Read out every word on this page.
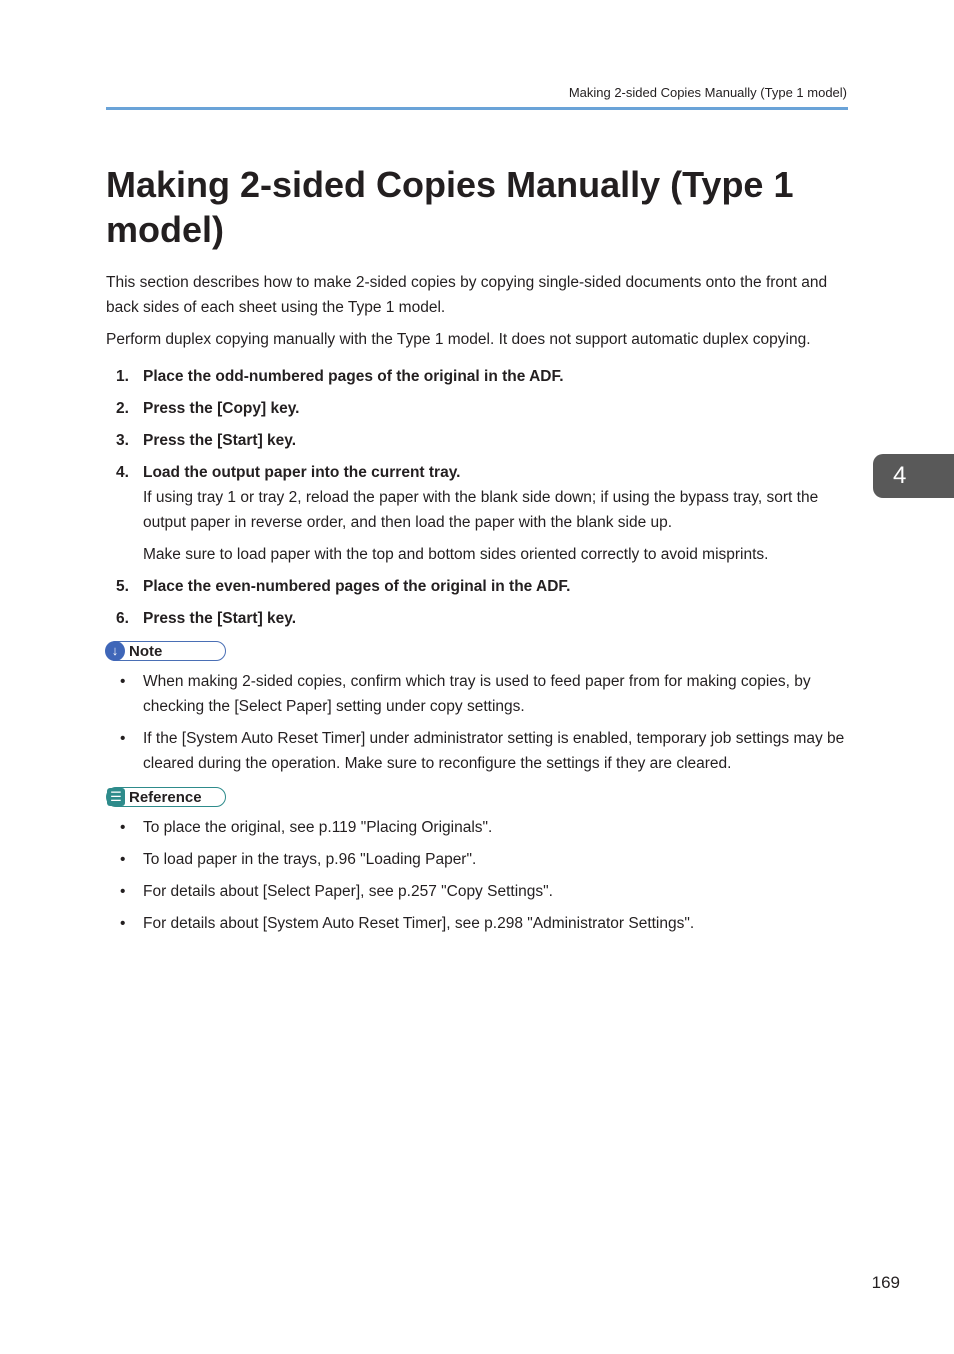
Making 2-sided Copies Manually (Type 1 model)
Making 2-sided Copies Manually (Type 1 model)

This section describes how to make 2-sided copies by copying single-sided documents onto the front and back sides of each sheet using the Type 1 model.

Perform duplex copying manually with the Type 1 model. It does not support automatic duplex copying.

1. Place the odd-numbered pages of the original in the ADF.
2. Press the [Copy] key.
3. Press the [Start] key.
4. Load the output paper into the current tray.

If using tray 1 or tray 2, reload the paper with the blank side down; if using the bypass tray, sort the output paper in reverse order, and then load the paper with the blank side up.

Make sure to load paper with the top and bottom sides oriented correctly to avoid misprints.

5. Place the even-numbered pages of the original in the ADF.
6. Press the [Start] key.
↓ Note
• When making 2-sided copies, confirm which tray is used to feed paper from for making copies, by checking the [Select Paper] setting under copy settings.
• If the [System Auto Reset Timer] under administrator setting is enabled, temporary job settings may be cleared during the operation. Make sure to reconfigure the settings if they are cleared.
☰ Reference
• To place the original, see p.119 "Placing Originals".
• To load paper in the trays, p.96 "Loading Paper".
• For details about [Select Paper], see p.257 "Copy Settings".
• For details about [System Auto Reset Timer], see p.298 "Administrator Settings".
4
169
